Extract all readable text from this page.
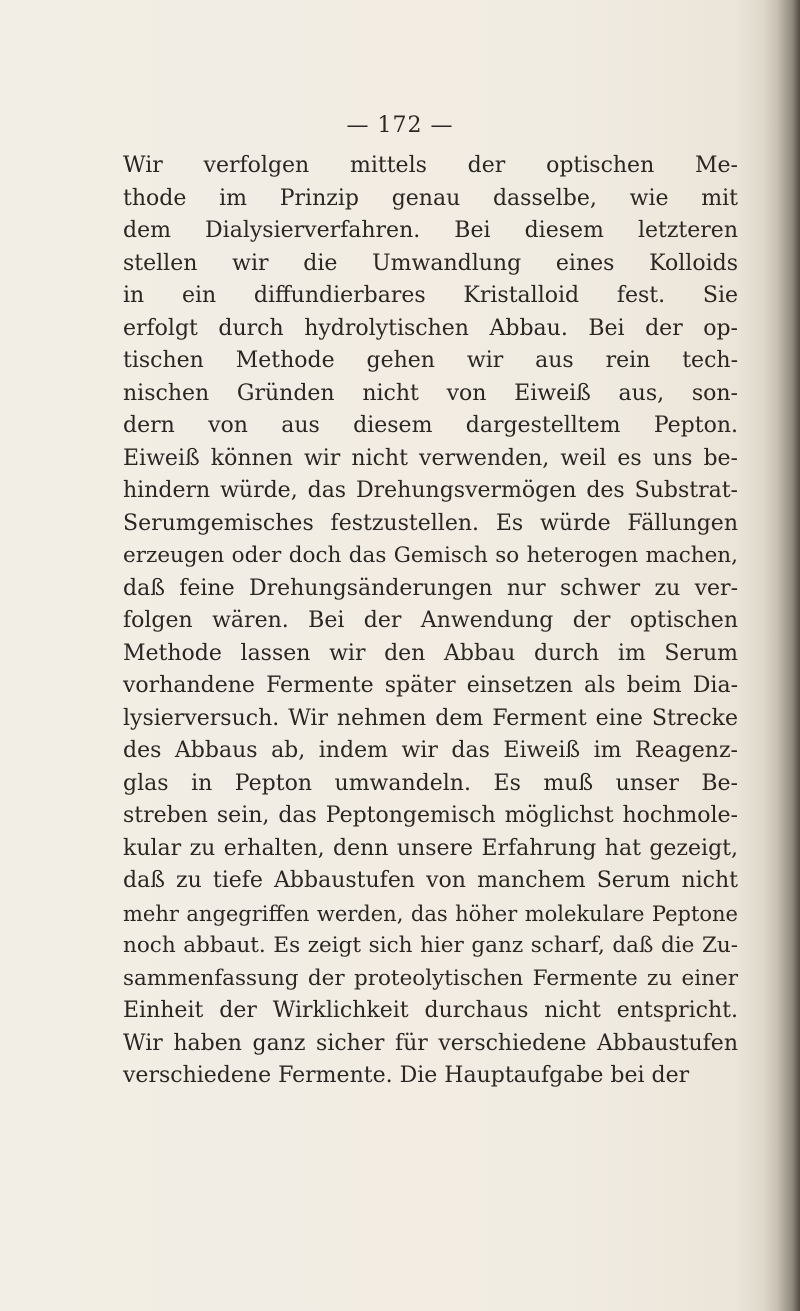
— 172 —
Wir verfolgen mittels der optischen Me-
thode im Prinzip genau dasselbe, wie mit
dem Dialysierverfahren. Bei diesem letzteren
stellen wir die Umwandlung eines Kolloids
in ein diffundierbares Kristalloid fest. Sie
erfolgt durch hydrolytischen Abbau. Bei der op-
tischen Methode gehen wir aus rein tech-
nischen Gründen nicht von Eiweiß aus, son-
dern von aus diesem dargestelltem Pepton.
Eiweiß können wir nicht verwenden, weil es uns be-
hindern würde, das Drehungsvermögen des Substrat-
Serumgemisches festzustellen. Es würde Fällungen
erzeugen oder doch das Gemisch so heterogen machen,
daß feine Drehungsänderungen nur schwer zu ver-
folgen wären. Bei der Anwendung der optischen
Methode lassen wir den Abbau durch im Serum
vorhandene Fermente später einsetzen als beim Dia-
lysierversuch. Wir nehmen dem Ferment eine Strecke
des Abbaus ab, indem wir das Eiweiß im Reagenz-
glas in Pepton umwandeln. Es muß unser Be-
streben sein, das Peptongemisch möglichst hochmole-
kular zu erhalten, denn unsere Erfahrung hat gezeigt,
daß zu tiefe Abbaustufen von manchem Serum nicht
mehr angegriffen werden, das höher molekulare Peptone
noch abbaut. Es zeigt sich hier ganz scharf, daß die Zu-
sammenfassung der proteolytischen Fermente zu einer
Einheit der Wirklichkeit durchaus nicht entspricht.
Wir haben ganz sicher für verschiedene Abbaustufen
verschiedene Fermente. Die Hauptaufgabe bei der
